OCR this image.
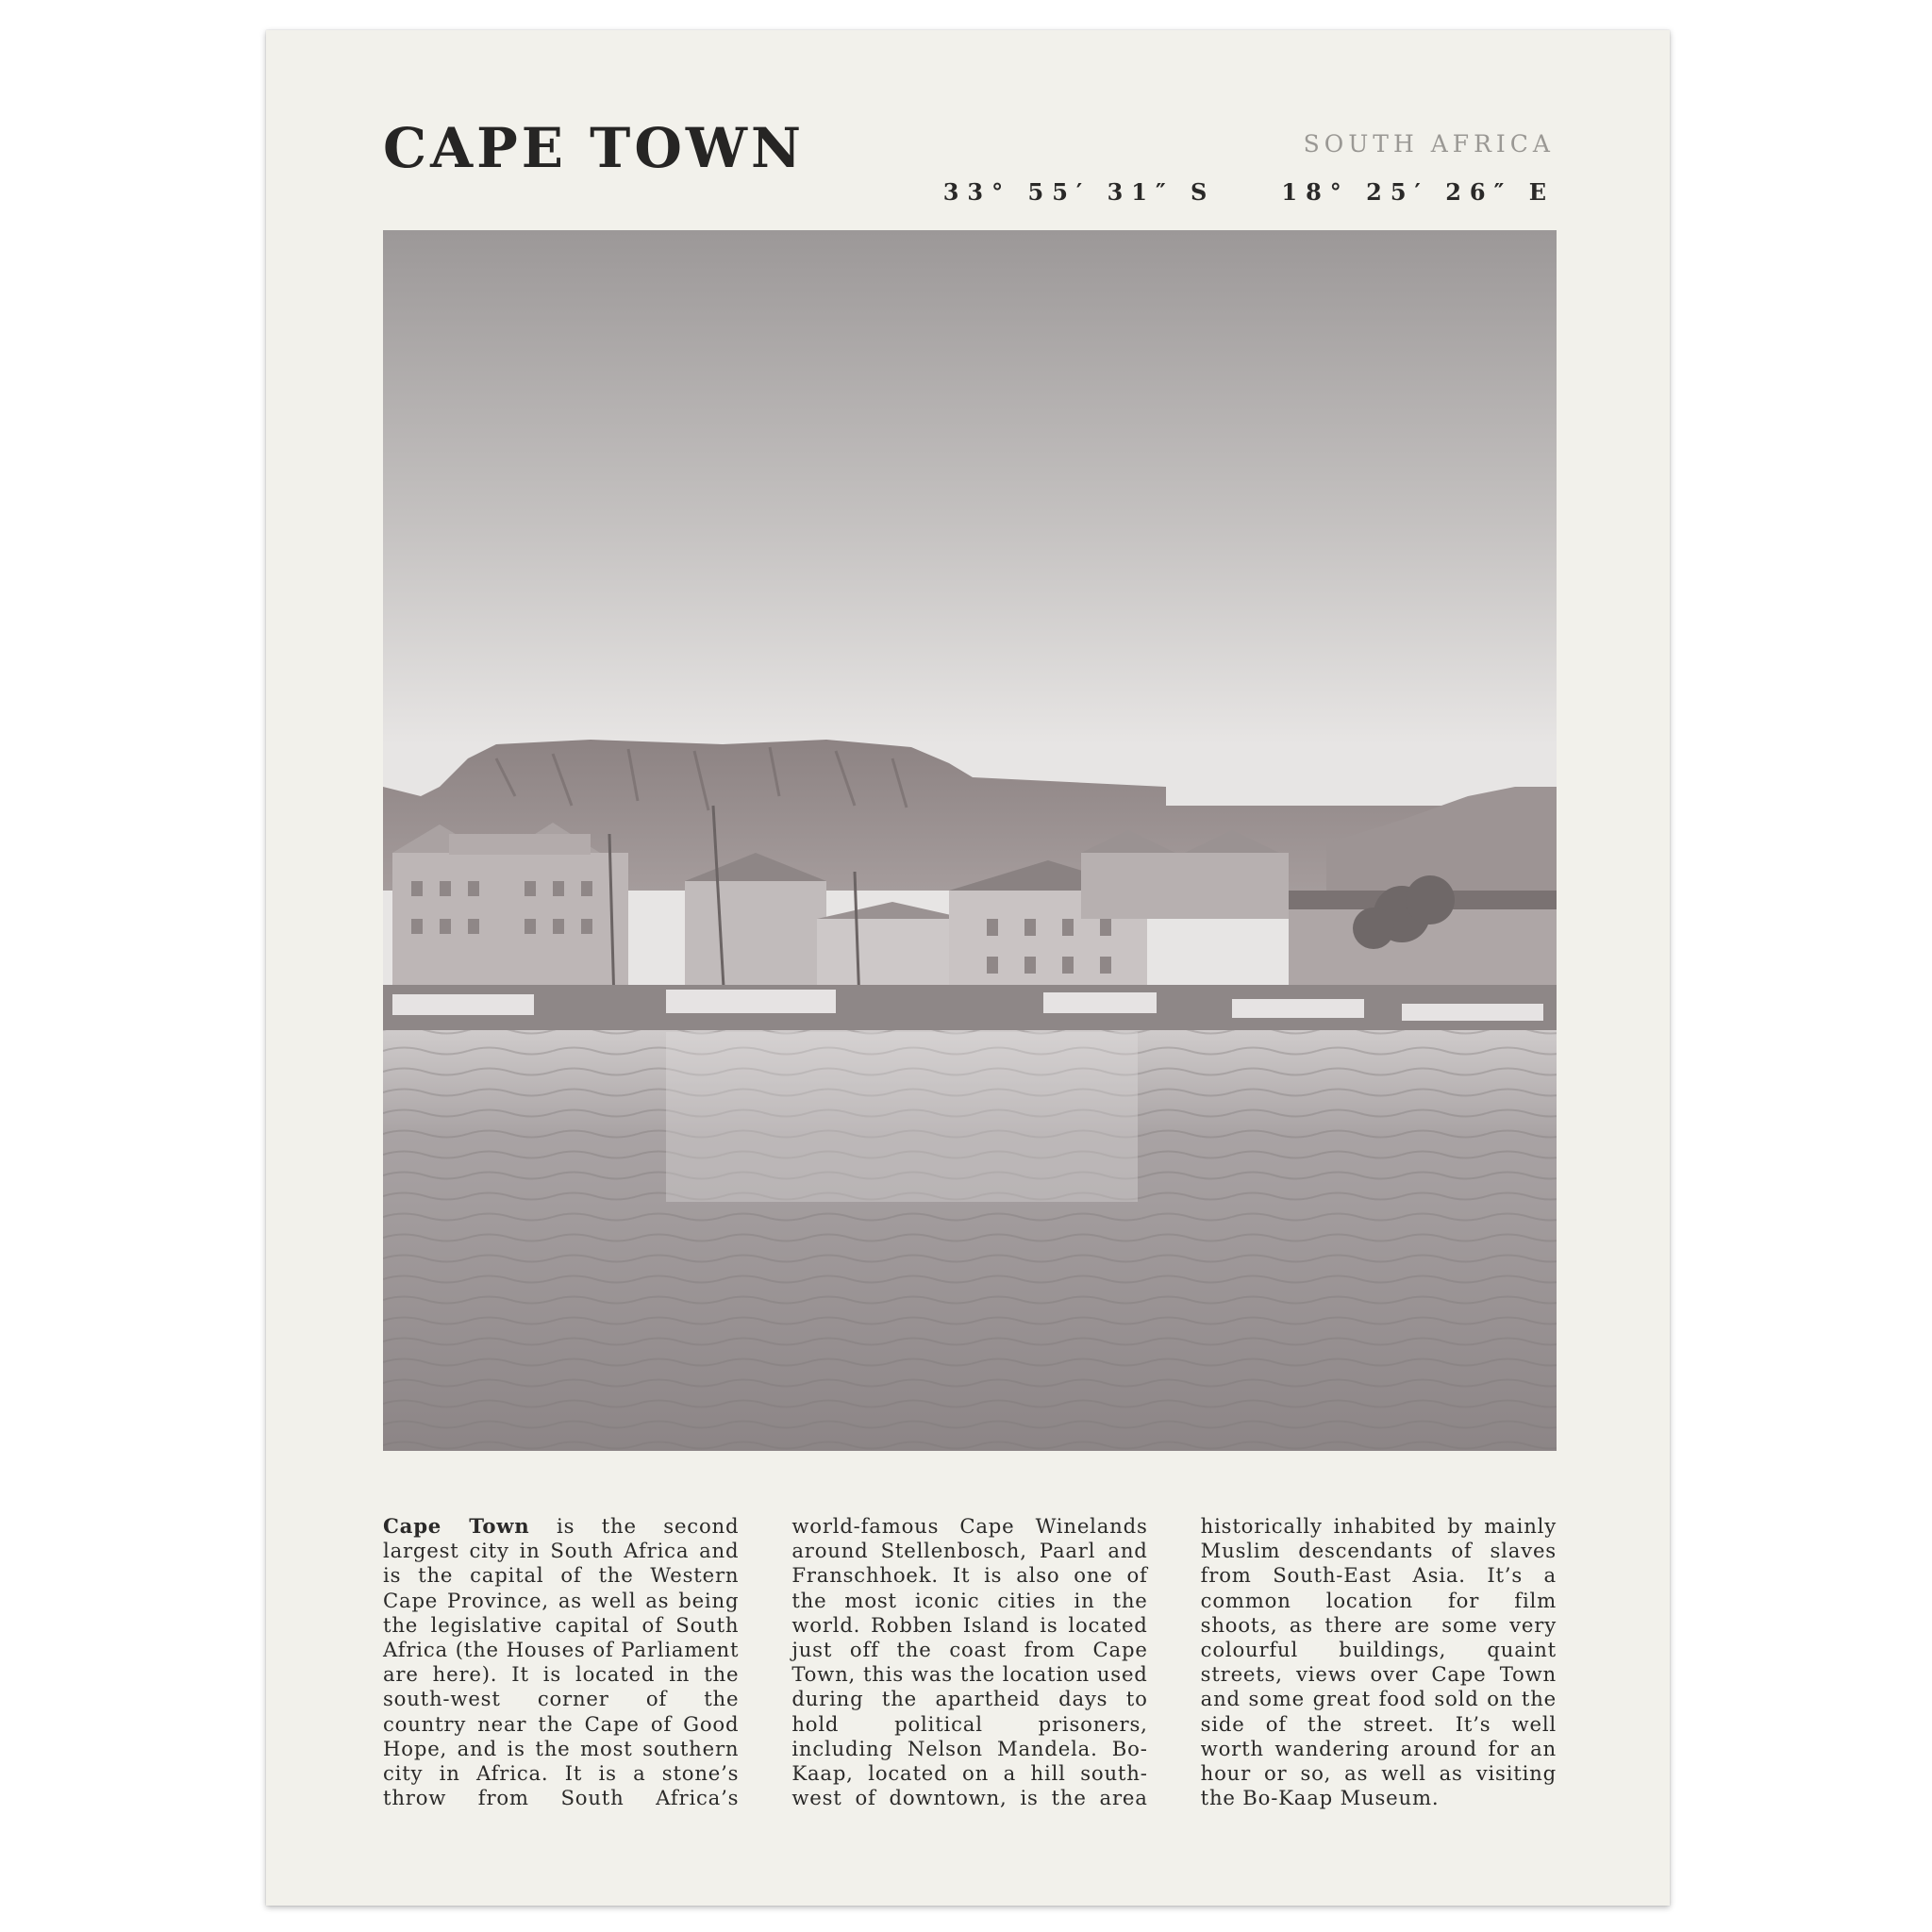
CAPE TOWN	SOUTH AFRICA
33° 55′ 31″ S	18° 25′ 26″ E
Cape Town is the second largest city in South Africa and is the capital of the Western Cape Province, as well as being the legislative capital of South Africa (the Houses of Parliament are here). It is located in the south-west corner of the country near the Cape of Good Hope, and is the most southern city in Africa. It is a stone’s throw from South Africa’s world-famous Cape Winelands around Stellenbosch, Paarl and Franschhoek. It is also one of the most iconic cities in the world. Robben Island is located just off the coast from Cape Town, this was the location used during the apartheid days to hold political prisoners, including Nelson Mandela. Bo-Kaap, located on a hill south-west of downtown, is the area historically inhabited by mainly Muslim descendants of slaves from South-East Asia. It’s a common location for film shoots, as there are some very colourful buildings, quaint streets, views over Cape Town and some great food sold on the side of the street. It’s well worth wandering around for an hour or so, as well as visiting the Bo-Kaap Museum.
